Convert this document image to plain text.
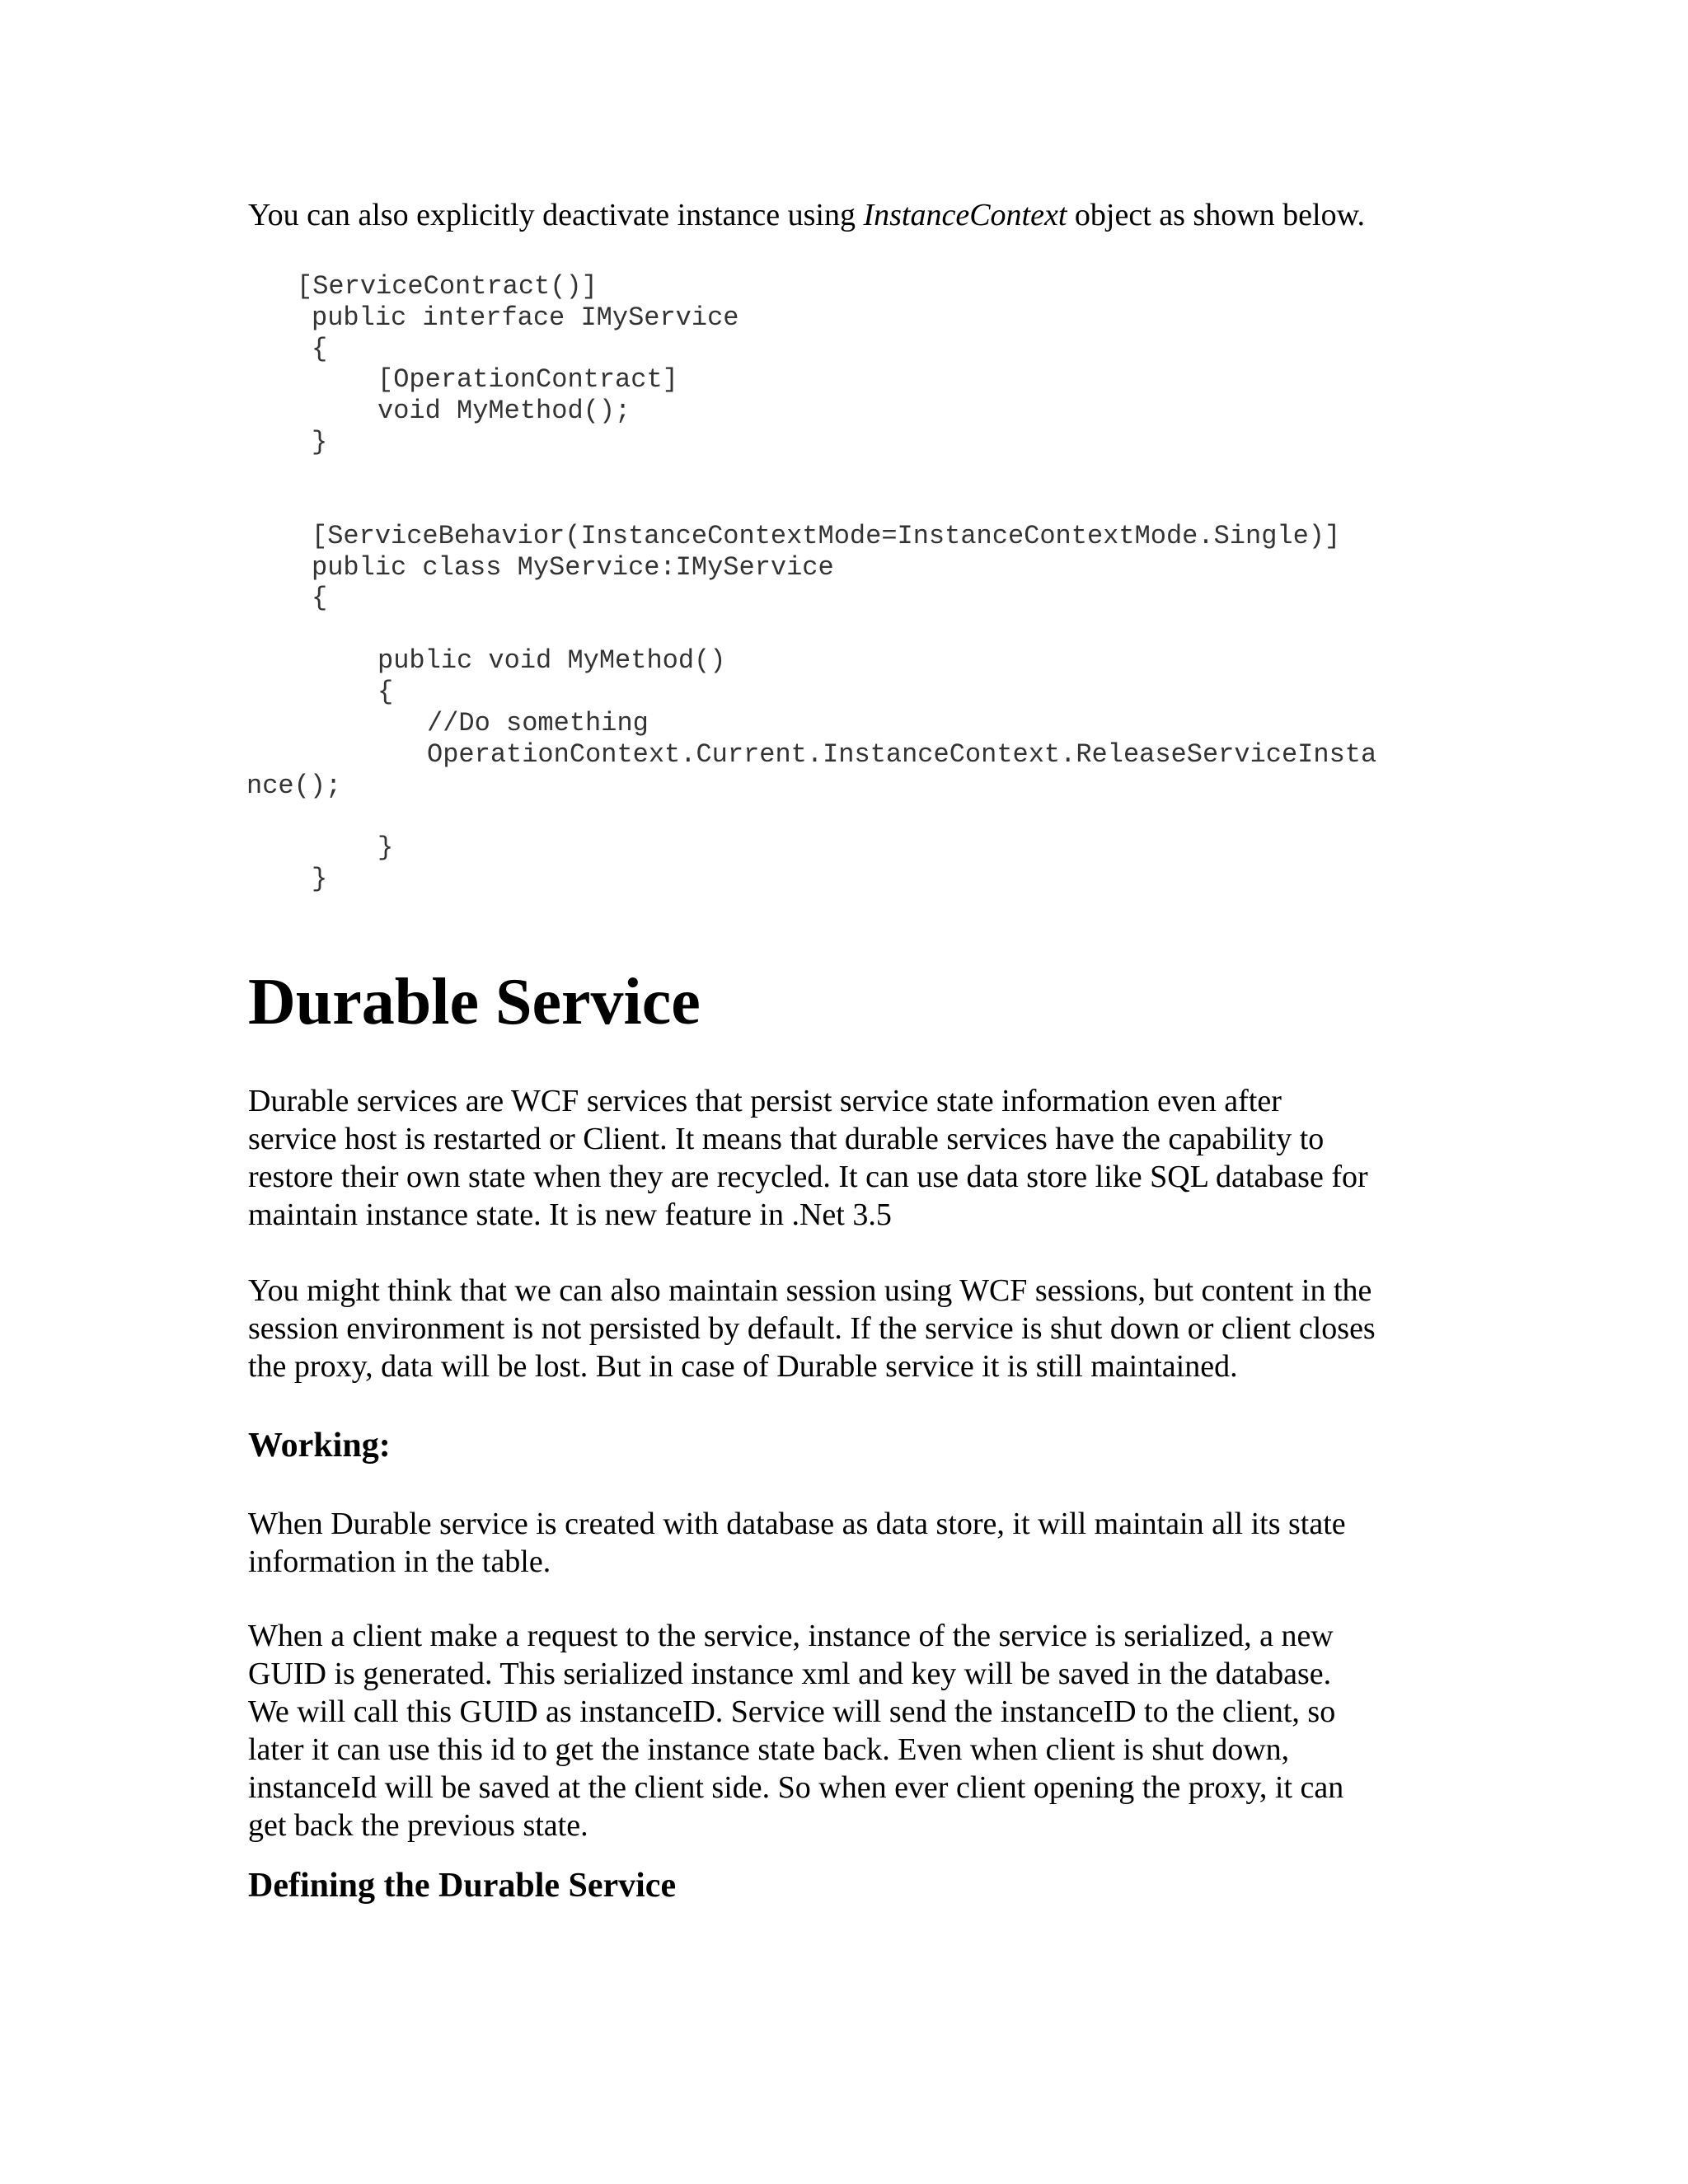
You can also explicitly deactivate instance using InstanceContext object as shown below.

[ServiceContract()]
public interface IMyService
{
[OperationContract]
void MyMethod();
}
[ServiceBehavior(InstanceContextMode=InstanceContextMode.Single)]
public class MyService:IMyService
{
public void MyMethod()
{
//Do something
OperationContext.Current.InstanceContext.ReleaseServiceInsta
nce();
}
}
Durable Service

Durable services are WCF services that persist service state information even after
service host is restarted or Client. It means that durable services have the capability to
restore their own state when they are recycled. It can use data store like SQL database for
maintain instance state. It is new feature in .Net 3.5

You might think that we can also maintain session using WCF sessions, but content in the
session environment is not persisted by default. If the service is shut down or client closes
the proxy, data will be lost. But in case of Durable service it is still maintained.

Working:

When Durable service is created with database as data store, it will maintain all its state
information in the table.

When a client make a request to the service, instance of the service is serialized, a new
GUID is generated. This serialized instance xml and key will be saved in the database.
We will call this GUID as instanceID. Service will send the instanceID to the client, so
later it can use this id to get the instance state back. Even when client is shut down,
instanceId will be saved at the client side. So when ever client opening the proxy, it can
get back the previous state.

Defining the Durable Service
